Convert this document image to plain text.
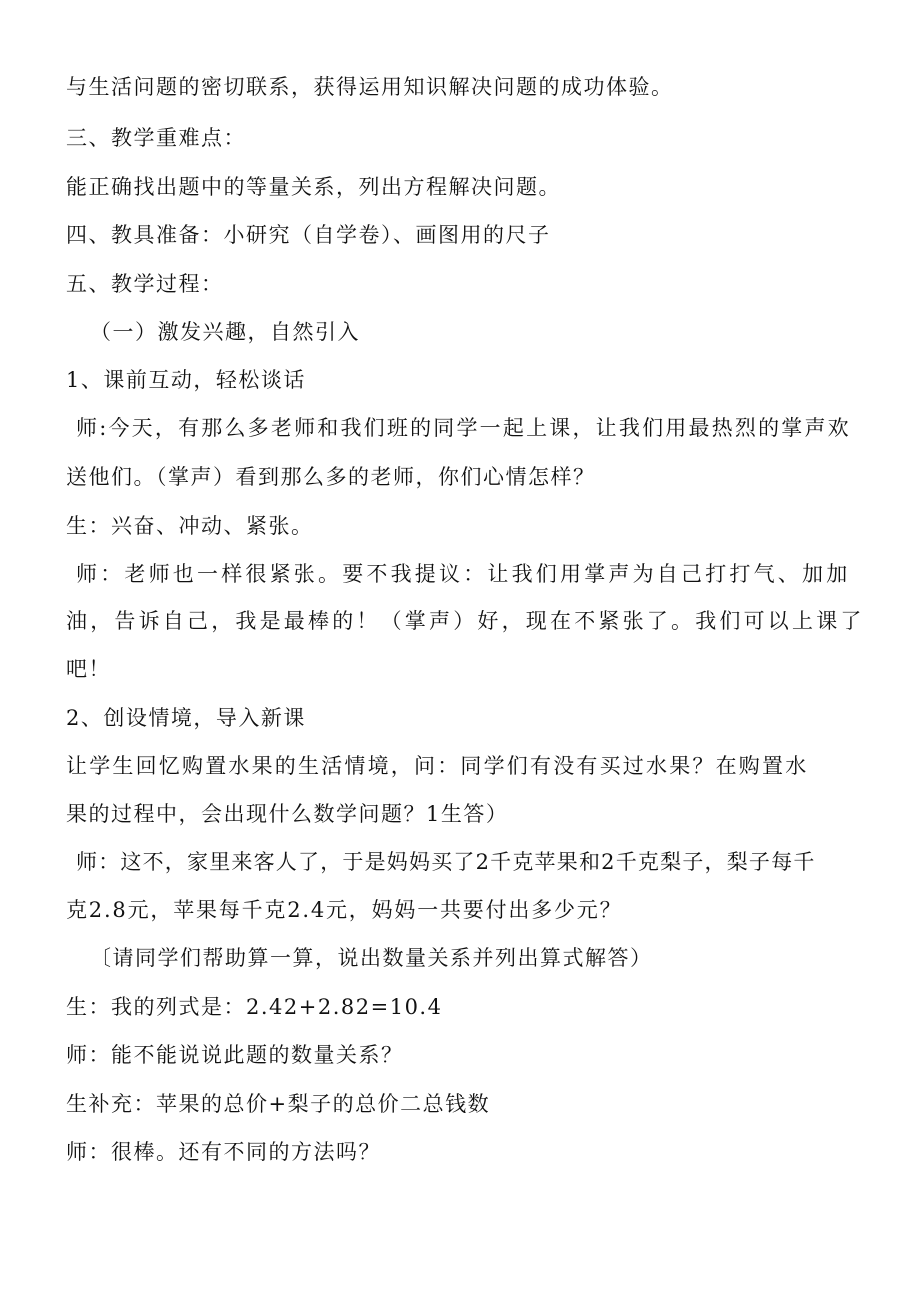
与生活问题的密切联系，获得运用知识解决问题的成功体验。
三、教学重难点：
能正确找出题中的等量关系，列出方程解决问题。
四、教具准备：小研究（自学卷）、画图用的尺子
五、教学过程：
（一）激发兴趣，自然引入
1、课前互动，轻松谈话
师:今天，有那么多老师和我们班的同学一起上课，让我们用最热烈的掌声欢
送他们。（掌声）看到那么多的老师，你们心情怎样？
生：兴奋、冲动、紧张。
师：老师也一样很紧张。要不我提议：让我们用掌声为自己打打气、加加
油，告诉自己，我是最棒的！（掌声）好，现在不紧张了。我们可以上课了
吧！
2、创设情境，导入新课
让学生回忆购置水果的生活情境，问：同学们有没有买过水果？在购置水
果的过程中，会出现什么数学问题？1生答）
师：这不，家里来客人了，于是妈妈买了2千克苹果和2千克梨子，梨子每千
克2.8元，苹果每千克2.4元，妈妈一共要付出多少元？
〔请同学们帮助算一算，说出数量关系并列出算式解答）
生：我的列式是：2.42+2.82=10.4
师：能不能说说此题的数量关系？
生补充：苹果的总价+梨子的总价二总钱数
师：很棒。还有不同的方法吗？
